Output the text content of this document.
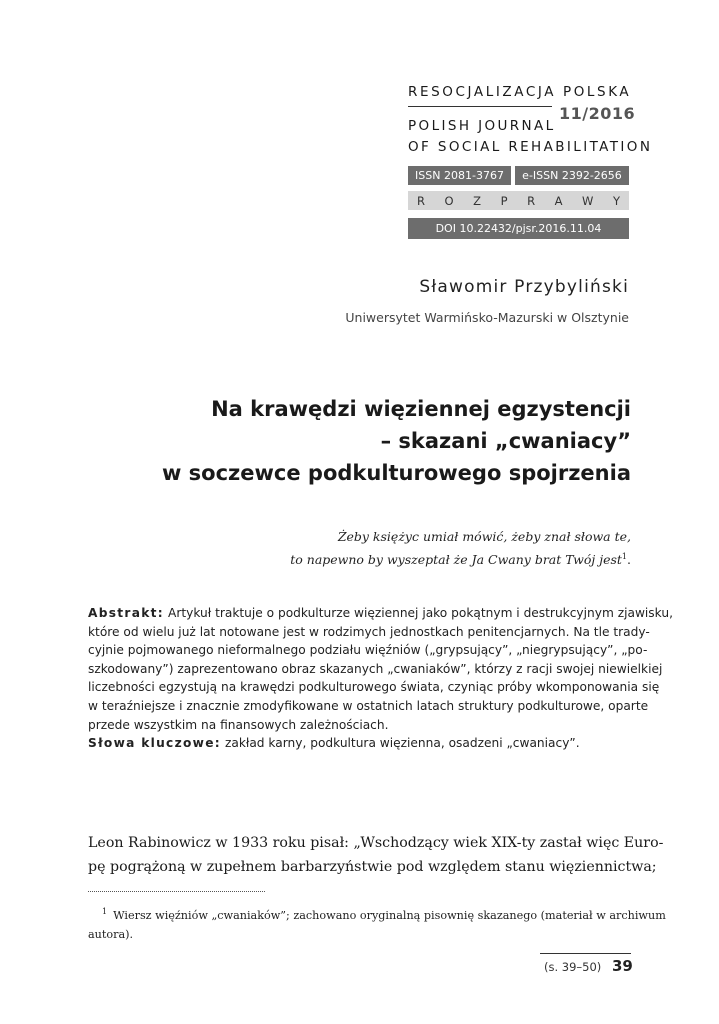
RESOCJALIZACJA POLSKA
11/2016
POLISH JOURNAL
OF SOCIAL REHABILITATION
ISSN 2081-3767	e-ISSN 2392-2656
R O Z P R A W Y
DOI 10.22432/pjsr.2016.11.04
Sławomir Przybyliński
Uniwersytet Warmińsko-Mazurski w Olsztynie
Na krawędzi więziennej egzystencji
– skazani „cwaniacy”
w soczewce podkulturowego spojrzenia
Żeby księżyc umiał mówić, żeby znał słowa te,
to napewno by wyszeptał że Ja Cwany brat Twój jest$^1$.
Abstrakt: Artykuł traktuje o podkulturze więziennej jako pokątnym i destrukcyjnym zjawisku,
które od wielu już lat notowane jest w rodzimych jednostkach penitencjarnych. Na tle trady-
cyjnie pojmowanego nieformalnego podziału więźniów („grypsujący”, „niegrypsujący”, „po-
szkodowany”) zaprezentowano obraz skazanych „cwaniaków”, którzy z racji swojej niewielkiej
liczebności egzystują na krawędzi podkulturowego świata, czyniąc próby wkomponowania się
w teraźniejsze i znacznie zmodyfikowane w ostatnich latach struktury podkulturowe, oparte
przede wszystkim na finansowych zależnościach.
Słowa kluczowe: zakład karny, podkultura więzienna, osadzeni „cwaniacy”.
Leon Rabinowicz w 1933 roku pisał: „Wschodzący wiek XIX-ty zastał więc Euro-
pę pogrążoną w zupełnem barbarzyństwie pod względem stanu więziennictwa;
$^1$ Wiersz więźniów „cwaniaków”; zachowano oryginalną pisownię skazanego (materiał w archiwum
autora).
(s. 39–50) 39
